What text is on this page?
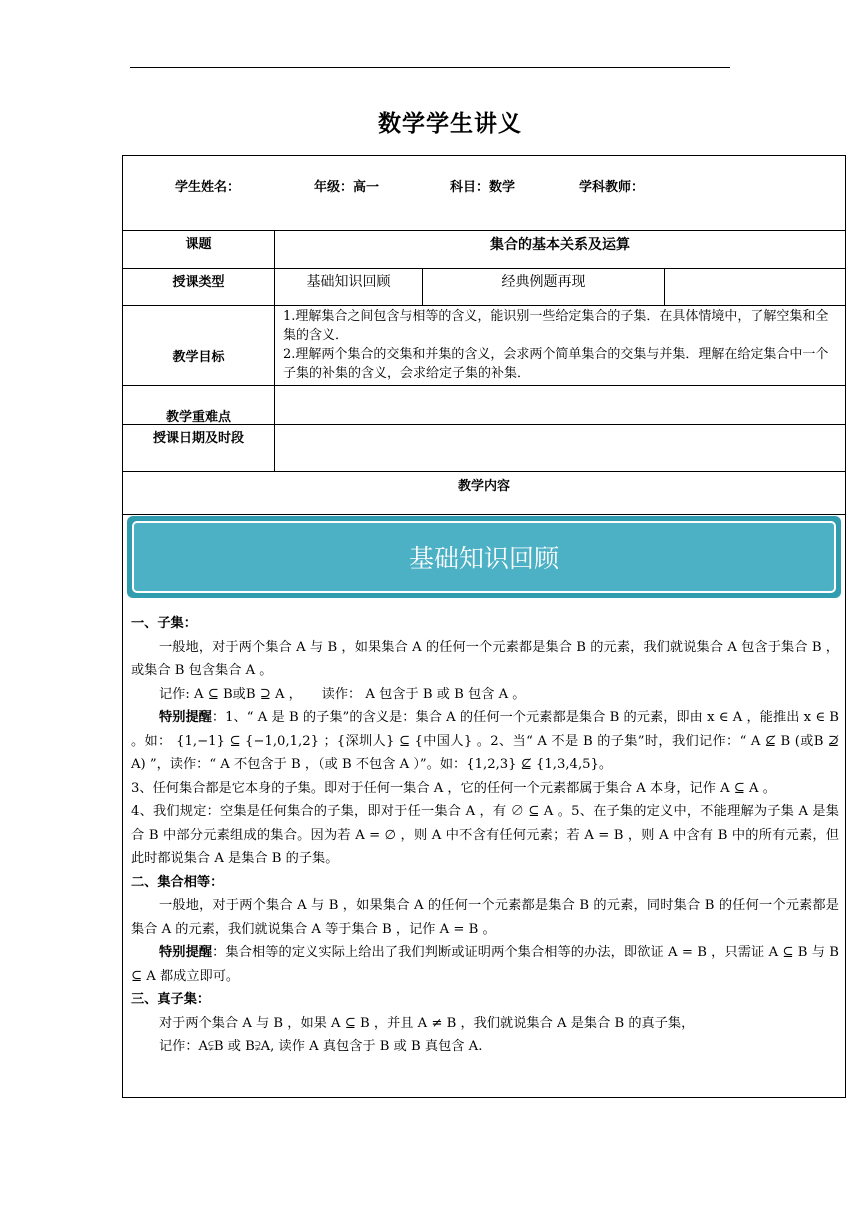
数学学生讲义
学生姓名：	年级：高一	科目：数学	学科教师：
课题	集合的基本关系及运算
授课类型	基础知识回顾	经典例题再现
教学目标
1.理解集合之间包含与相等的含义，能识别一些给定集合的子集．在具体情境中，了解空集和全集的含义．
2.理解两个集合的交集和并集的含义，会求两个简单集合的交集与并集．理解在给定集合中一个子集的补集的含义，会求给定子集的补集．
教学重难点
授课日期及时段
教学内容
基础知识回顾

一、子集：

一般地，对于两个集合 A 与 B ，如果集合 A 的任何一个元素都是集合 B 的元素，我们就说集合 A 包含于集合 B ，或集合 B 包含集合 A 。

记作: A ⊆ B或B ⊇ A ，　　读作： A 包含于 B 或 B 包含 A 。

特别提醒：1、“ A 是 B 的子集”的含义是：集合 A 的任何一个元素都是集合 B 的元素，即由 x ∈ A ，能推出 x ∈ B 。如： {1,−1} ⊆ {−1,0,1,2} ；{深圳人} ⊆ {中国人} 。2、当“ A 不是 B 的子集”时，我们记作：“ A ⊈ B (或B ⊉ A) ”，读作：“ A 不包含于 B ，（或 B 不包含 A ）”。如：{1,2,3} ⊈ {1,3,4,5}。

3、任何集合都是它本身的子集。即对于任何一集合 A ，它的任何一个元素都属于集合 A 本身，记作 A ⊆ A 。

4、我们规定：空集是任何集合的子集，即对于任一集合 A ，有 ∅ ⊆ A 。5、在子集的定义中，不能理解为子集 A 是集合 B 中部分元素组成的集合。因为若 A = ∅ ，则 A 中不含有任何元素；若 A = B ，则 A 中含有 B 中的所有元素，但此时都说集合 A 是集合 B 的子集。

二、集合相等：

一般地，对于两个集合 A 与 B ，如果集合 A 的任何一个元素都是集合 B 的元素，同时集合 B 的任何一个元素都是集合 A 的元素，我们就说集合 A 等于集合 B ，记作 A = B 。

特别提醒：集合相等的定义实际上给出了我们判断或证明两个集合相等的办法，即欲证 A = B ，只需证 A ⊆ B 与 B ⊆ A 都成立即可。

三、真子集：

对于两个集合 A 与 B ，如果 A ⊆ B ，并且 A ≠ B ，我们就说集合 A 是集合 B 的真子集，

记作：A⫋B 或 B⫌A, 读作 A 真包含于 B 或 B 真包含 A.
